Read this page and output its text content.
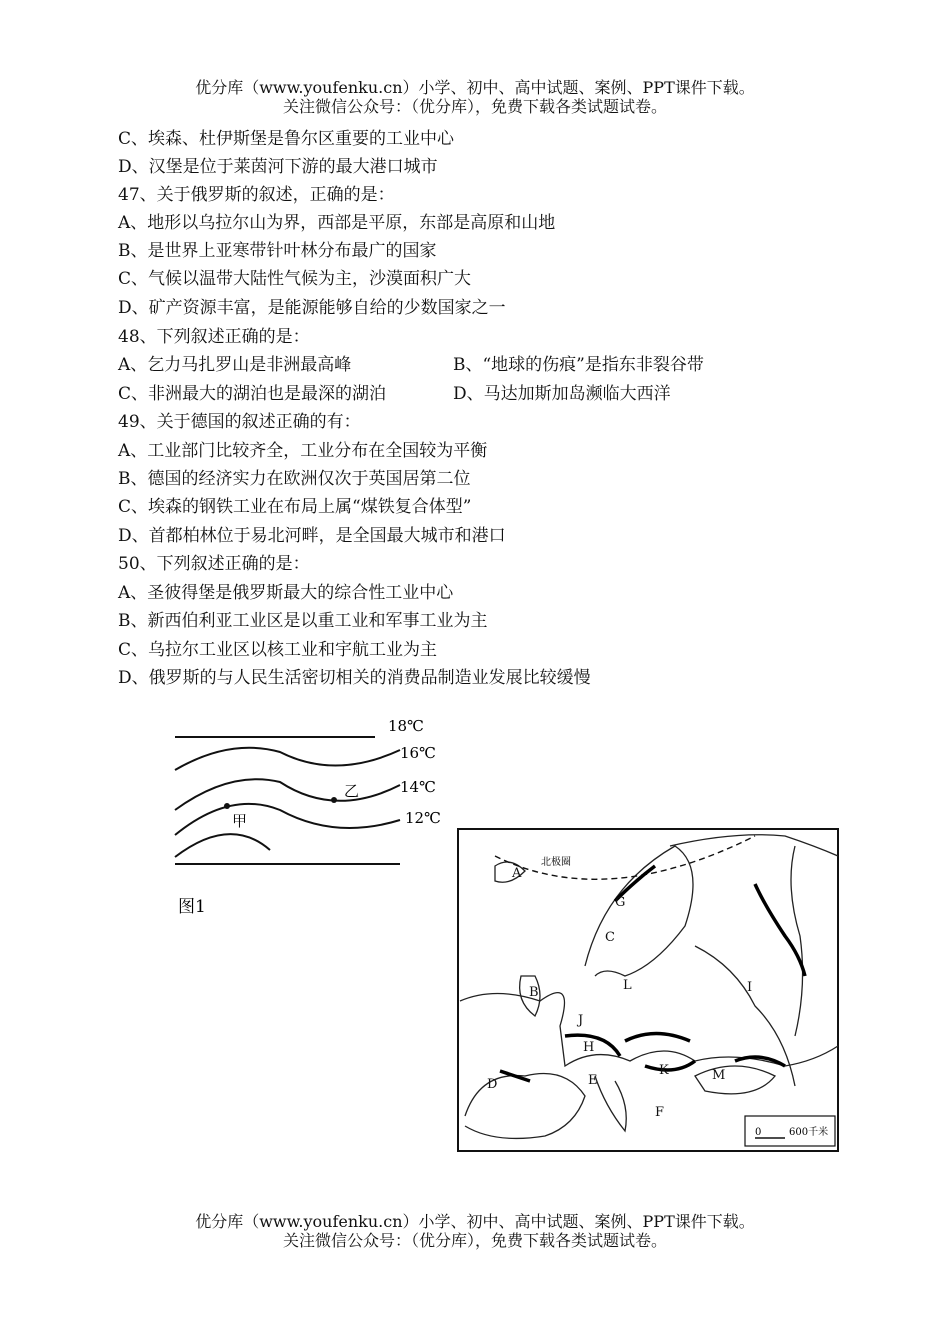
优分库（www.youfenku.cn）小学、初中、高中试题、案例、PPT课件下载。
关注微信公众号：（优分库），免费下载各类试题试卷。
C、埃森、杜伊斯堡是鲁尔区重要的工业中心
D、汉堡是位于莱茵河下游的最大港口城市
47、关于俄罗斯的叙述，正确的是：
A、地形以乌拉尔山为界，西部是平原，东部是高原和山地
B、是世界上亚寒带针叶林分布最广的国家
C、气候以温带大陆性气候为主，沙漠面积广大
D、矿产资源丰富，是能源能够自给的少数国家之一
48、下列叙述正确的是：
A、乞力马扎罗山是非洲最高峰	B、“地球的伤痕”是指东非裂谷带
C、非洲最大的湖泊也是最深的湖泊	D、马达加斯加岛濒临大西洋
49、关于德国的叙述正确的有：
A、工业部门比较齐全，工业分布在全国较为平衡
B、德国的经济实力在欧洲仅次于英国居第二位
C、埃森的钢铁工业在布局上属“煤铁复合体型”
D、首都柏林位于易北河畔，是全国最大城市和港口
50、下列叙述正确的是：
A、圣彼得堡是俄罗斯最大的综合性工业中心
B、新西伯利亚工业区是以重工业和军事工业为主
C、乌拉尔工业区以核工业和宇航工业为主
D、俄罗斯的与人民生活密切相关的消费品制造业发展比较缓慢
甲
乙
18℃
16℃
14℃
12℃
图1
北极圈
A
B
C
D	E
F
G
H
I
J
K
L
M
0	600千米
优分库（www.youfenku.cn）小学、初中、高中试题、案例、PPT课件下载。
关注微信公众号：（优分库），免费下载各类试题试卷。
